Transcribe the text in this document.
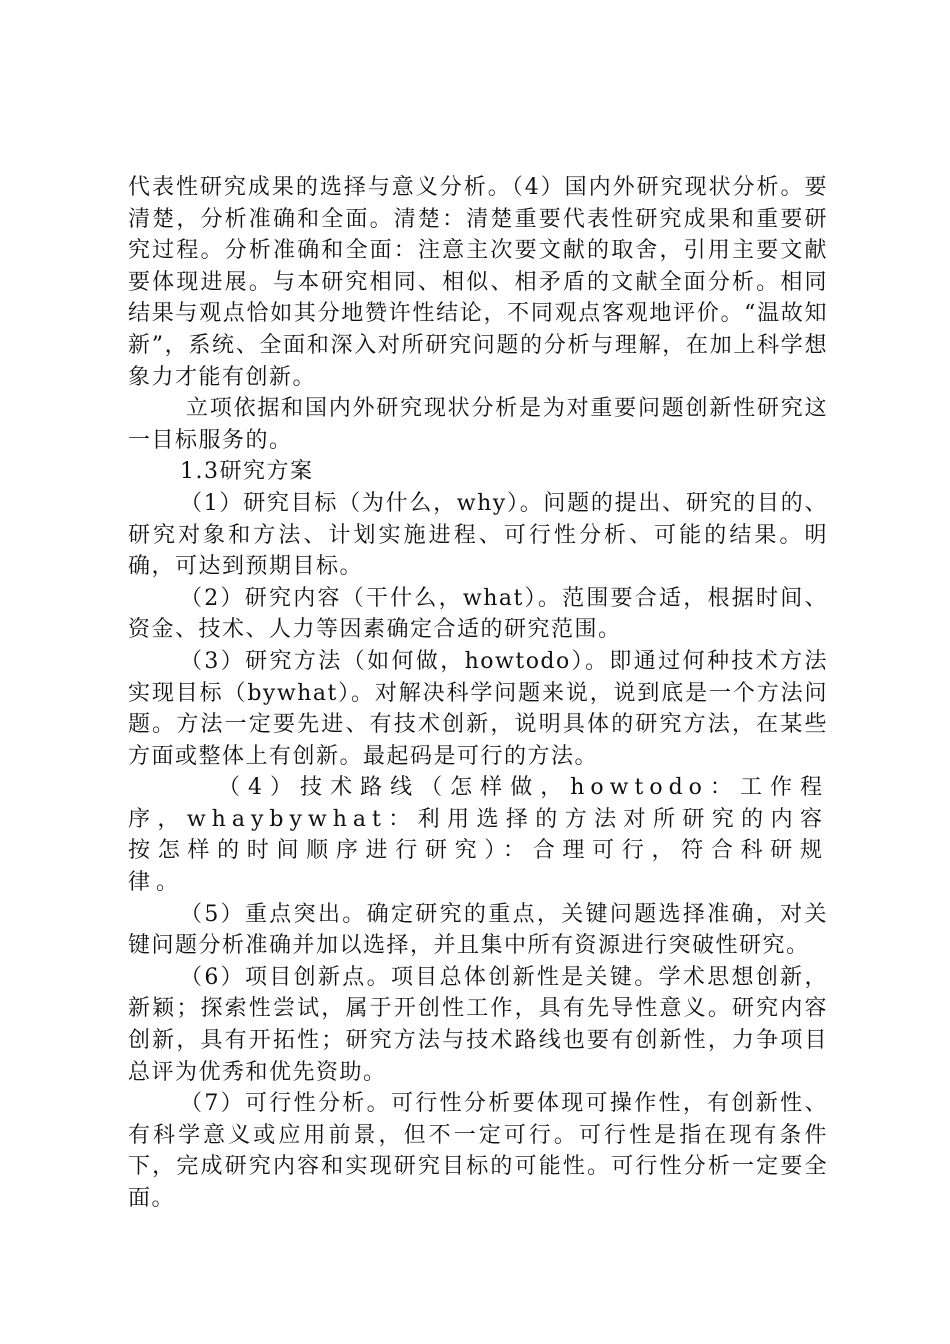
代表性研究成果的选择与意义分析。（4）国内外研究现状分析。要清楚，分析准确和全面。清楚：清楚重要代表性研究成果和重要研究过程。分析准确和全面：注意主次要文献的取舍，引用主要文献要体现进展。与本研究相同、相似、相矛盾的文献全面分析。相同结果与观点恰如其分地赞许性结论，不同观点客观地评价。“温故知新”，系统、全面和深入对所研究问题的分析与理解，在加上科学想象力才能有创新。

立项依据和国内外研究现状分析是为对重要问题创新性研究这一目标服务的。

1.3研究方案

（1）研究目标（为什么，why）。问题的提出、研究的目的、研究对象和方法、计划实施进程、可行性分析、可能的结果。明确，可达到预期目标。

（2）研究内容（干什么，what）。范围要合适，根据时间、资金、技术、人力等因素确定合适的研究范围。

（3）研究方法（如何做，howtodo）。即通过何种技术方法实现目标（bywhat）。对解决科学问题来说，说到底是一个方法问题。方法一定要先进、有技术创新，说明具体的研究方法，在某些方面或整体上有创新。最起码是可行的方法。

（4）技术路线（怎样做，howtodo：工作程序，whaybywhat：利用选择的方法对所研究的内容按怎样的时间顺序进行研究）：合理可行，符合科研规律。

（5）重点突出。确定研究的重点，关键问题选择准确，对关键问题分析准确并加以选择，并且集中所有资源进行突破性研究。

（6）项目创新点。项目总体创新性是关键。学术思想创新，新颖；探索性尝试，属于开创性工作，具有先导性意义。研究内容创新，具有开拓性；研究方法与技术路线也要有创新性，力争项目总评为优秀和优先资助。

（7）可行性分析。可行性分析要体现可操作性，有创新性、有科学意义或应用前景，但不一定可行。可行性是指在现有条件下，完成研究内容和实现研究目标的可能性。可行性分析一定要全面。
